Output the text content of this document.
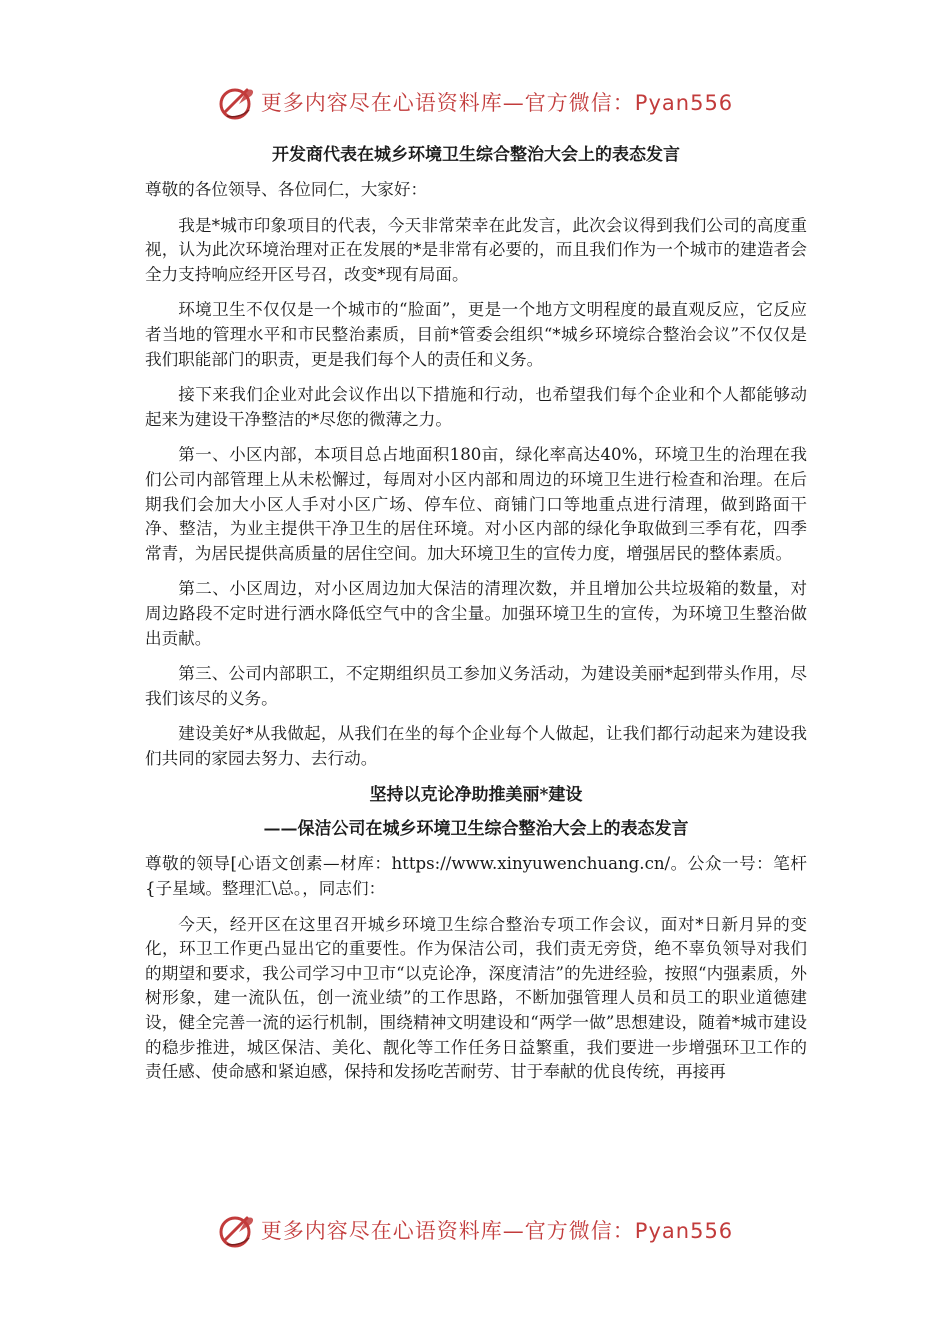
更多内容尽在心语资料库—官方微信：Pyan556
开发商代表在城乡环境卫生综合整治大会上的表态发言

尊敬的各位领导、各位同仁，大家好：

我是*城市印象项目的代表，今天非常荣幸在此发言，此次会议得到我们公司的高度重视，认为此次环境治理对正在发展的*是非常有必要的，而且我们作为一个城市的建造者会全力支持响应经开区号召，改变*现有局面。

环境卫生不仅仅是一个城市的“脸面”，更是一个地方文明程度的最直观反应，它反应者当地的管理水平和市民整治素质，目前*管委会组织“*城乡环境综合整治会议”不仅仅是我们职能部门的职责，更是我们每个人的责任和义务。

接下来我们企业对此会议作出以下措施和行动，也希望我们每个企业和个人都能够动起来为建设干净整洁的*尽您的微薄之力。

第一、小区内部，本项目总占地面积180亩，绿化率高达40%，环境卫生的治理在我们公司内部管理上从未松懈过，每周对小区内部和周边的环境卫生进行检查和治理。在后期我们会加大小区人手对小区广场、停车位、商铺门口等地重点进行清理，做到路面干净、整洁，为业主提供干净卫生的居住环境。对小区内部的绿化争取做到三季有花，四季常青，为居民提供高质量的居住空间。加大环境卫生的宣传力度，增强居民的整体素质。

第二、小区周边，对小区周边加大保洁的清理次数，并且增加公共垃圾箱的数量，对周边路段不定时进行洒水降低空气中的含尘量。加强环境卫生的宣传，为环境卫生整治做出贡献。

第三、公司内部职工，不定期组织员工参加义务活动，为建设美丽*起到带头作用，尽我们该尽的义务。

建设美好*从我做起，从我们在坐的每个企业每个人做起，让我们都行动起来为建设我们共同的家园去努力、去行动。

坚持以克论净助推美丽*建设
——保洁公司在城乡环境卫生综合整治大会上的表态发言

尊敬的领导[心语文创素—材库：https://www.xinyuwenchuang.cn/。公众一号：笔杆{子星域。整理汇\总。，同志们：

今天，经开区在这里召开城乡环境卫生综合整治专项工作会议，面对*日新月异的变化，环卫工作更凸显出它的重要性。作为保洁公司，我们责无旁贷，绝不辜负领导对我们的期望和要求，我公司学习中卫市“以克论净，深度清洁”的先进经验，按照“内强素质，外树形象，建一流队伍，创一流业绩”的工作思路，不断加强管理人员和员工的职业道德建设，健全完善一流的运行机制，围绕精神文明建设和“两学一做”思想建设，随着*城市建设的稳步推进，城区保洁、美化、靓化等工作任务日益繁重，我们要进一步增强环卫工作的责任感、使命感和紧迫感，保持和发扬吃苦耐劳、甘于奉献的优良传统，再接再

更多内容尽在心语资料库—官方微信：Pyan556
